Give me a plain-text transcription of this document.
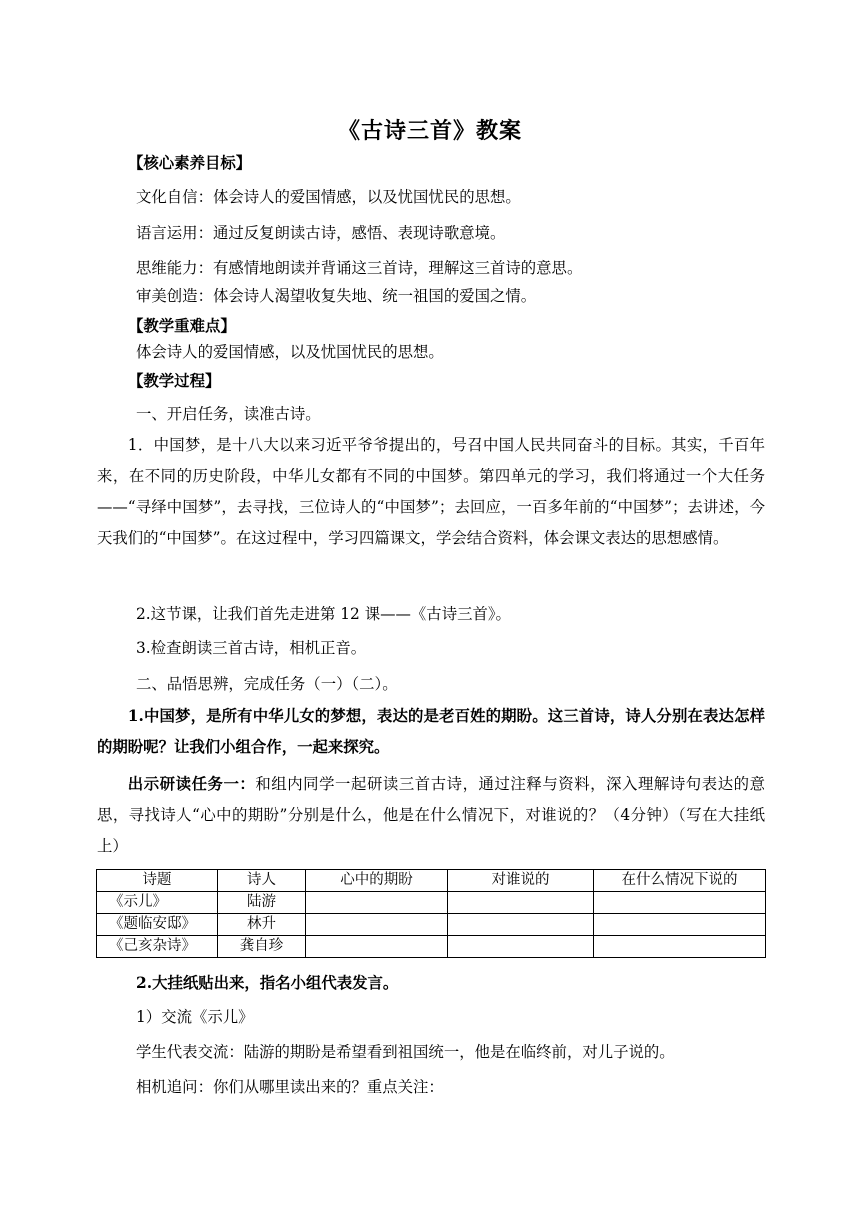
《古诗三首》教案
【核心素养目标】
文化自信：体会诗人的爱国情感，以及忧国忧民的思想。
语言运用：通过反复朗读古诗，感悟、表现诗歌意境。
思维能力：有感情地朗读并背诵这三首诗，理解这三首诗的意思。
审美创造：体会诗人渴望收复失地、统一祖国的爱国之情。
【教学重难点】
体会诗人的爱国情感，以及忧国忧民的思想。
【教学过程】
一、开启任务，读准古诗。
1．中国梦，是十八大以来习近平爷爷提出的，号召中国人民共同奋斗的目标。其实，千百年来，在不同的历史阶段，中华儿女都有不同的中国梦。第四单元的学习，我们将通过一个大任务——“寻绎中国梦”，去寻找，三位诗人的“中国梦”；去回应，一百多年前的“中国梦”；去讲述，今天我们的“中国梦”。在这过程中，学习四篇课文，学会结合资料，体会课文表达的思想感情。
2.这节课，让我们首先走进第 12 课——《古诗三首》。
3.检查朗读三首古诗，相机正音。
二、品悟思辨，完成任务（一）（二）。
1.中国梦，是所有中华儿女的梦想，表达的是老百姓的期盼。这三首诗，诗人分别在表达怎样的期盼呢？让我们小组合作，一起来探究。
出示研读任务一：和组内同学一起研读三首古诗，通过注释与资料，深入理解诗句表达的意思，寻找诗人“心中的期盼”分别是什么，他是在什么情况下，对谁说的？（4分钟）（写在大挂纸上）
诗题	诗人	心中的期盼	对谁说的	在什么情况下说的
《示儿》	陆游			
《题临安邸》	林升			
《己亥杂诗》	龚自珍			
2.大挂纸贴出来，指名小组代表发言。
1）交流《示儿》
学生代表交流：陆游的期盼是希望看到祖国统一，他是在临终前，对儿子说的。
相机追问：你们从哪里读出来的？重点关注：
